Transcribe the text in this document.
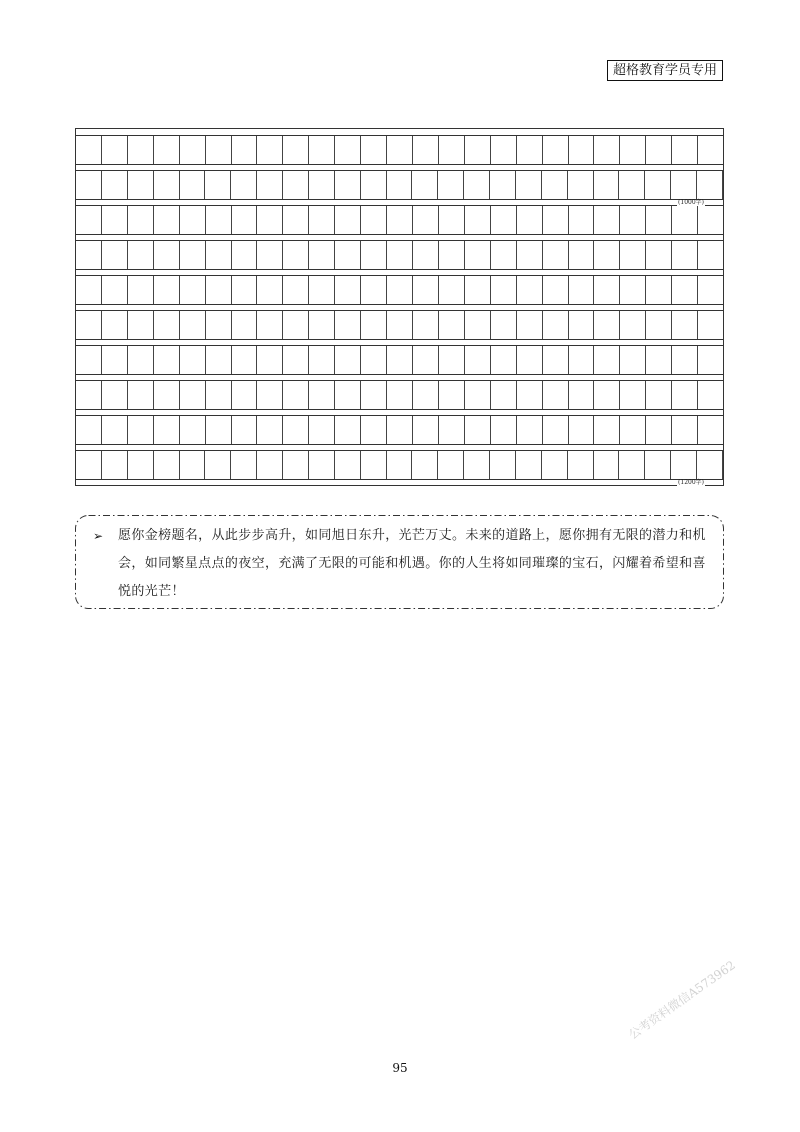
超格教育学员专用
(1000字)
(1200字)
➢ 愿你金榜题名，从此步步高升，如同旭日东升，光芒万丈。未来的道路上，愿你拥有无限的潜力和机
会，如同繁星点点的夜空，充满了无限的可能和机遇。你的人生将如同璀璨的宝石，闪耀着希望和喜
悦的光芒！
95
公考资料微信A573962
